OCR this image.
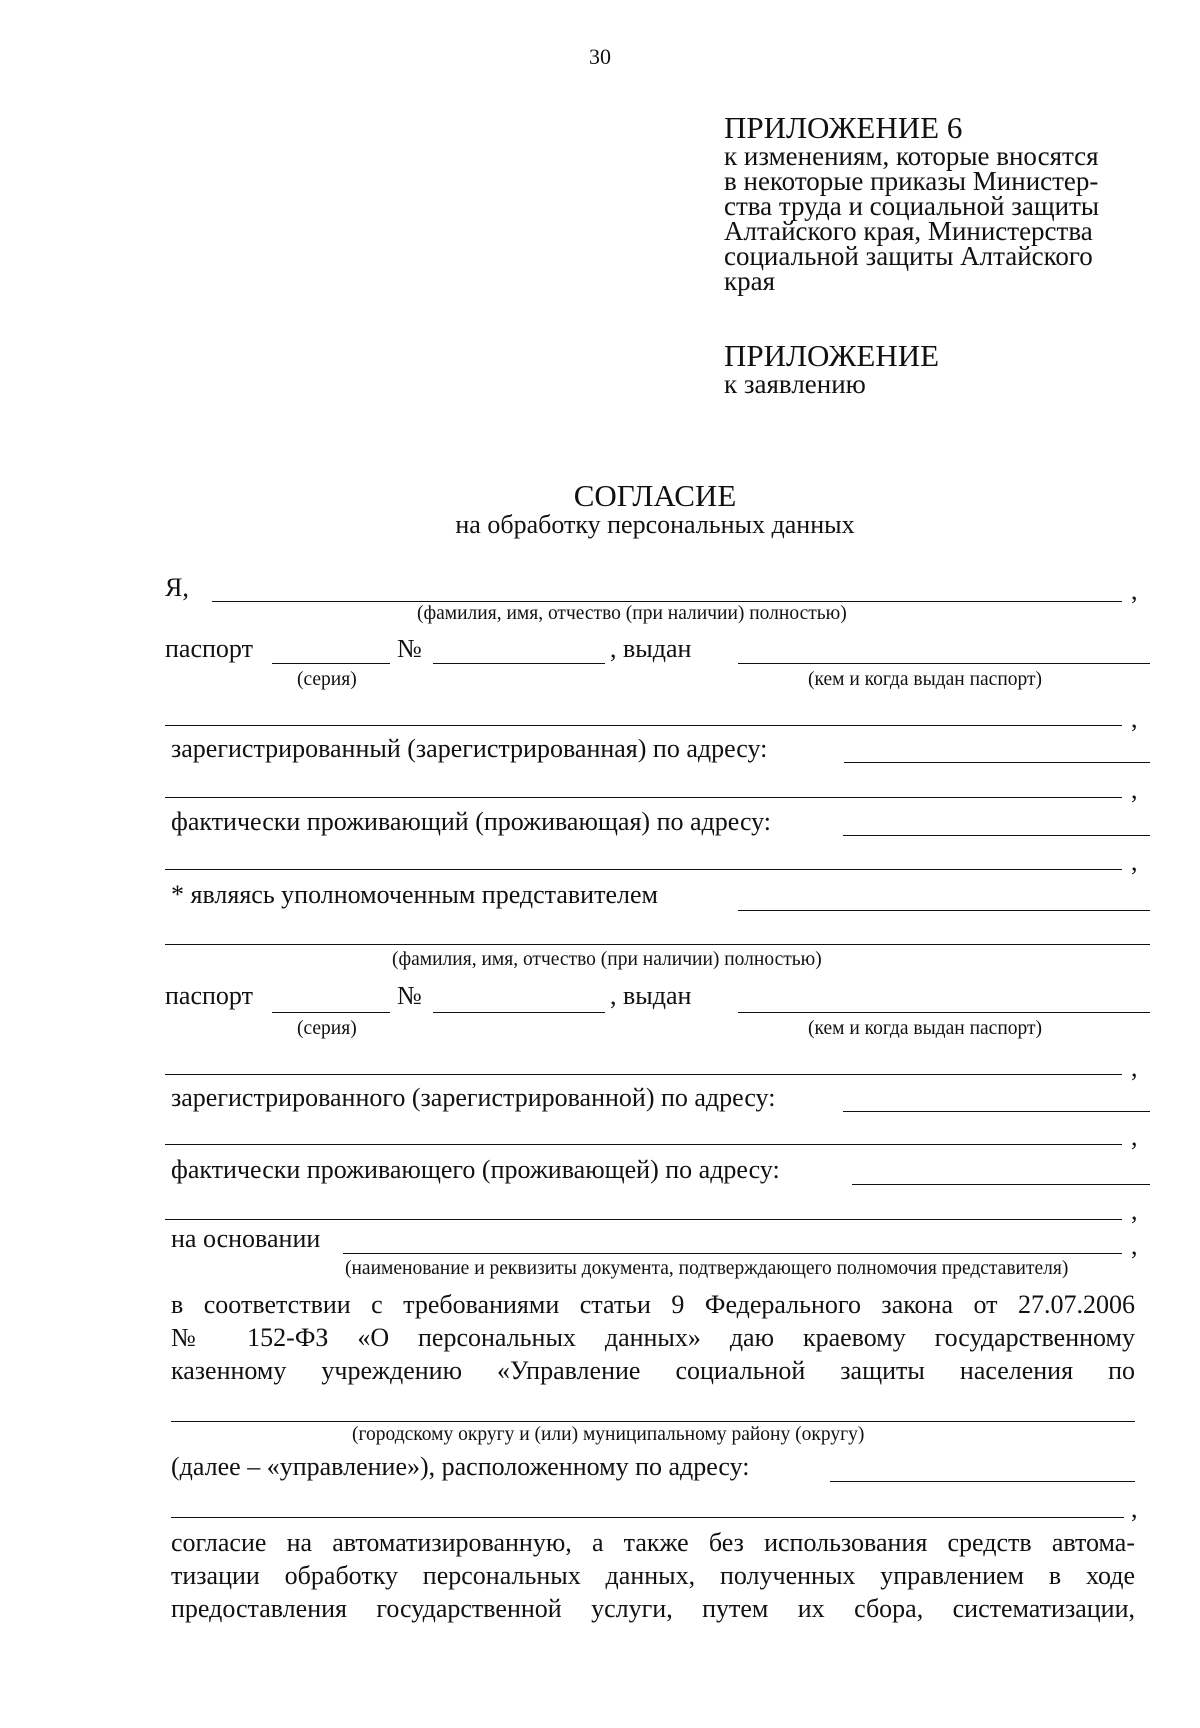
30
ПРИЛОЖЕНИЕ 6
к изменениям, которые вносятся
в некоторые приказы Министер-
ства труда и социальной защиты
Алтайского края, Министерства
социальной защиты Алтайского
края
ПРИЛОЖЕНИЕ
к заявлению
СОГЛАСИЕ
на обработку персональных данных
Я,	,
(фамилия, имя, отчество (при наличии) полностью)
паспорт	№	, выдан
(серия)	(кем и когда выдан паспорт)
,
зарегистрированный (зарегистрированная) по адресу:
,
фактически проживающий (проживающая) по адресу:
,
* являясь уполномоченным представителем
(фамилия, имя, отчество (при наличии) полностью)
паспорт	№	, выдан
(серия)	(кем и когда выдан паспорт)
,
зарегистрированного (зарегистрированной) по адресу:
,
фактически проживающего (проживающей) по адресу:
,
на основании	,
(наименование и реквизиты документа, подтверждающего полномочия представителя)
в соответствии с требованиями статьи 9 Федерального закона от 27.07.2006
№ 152-ФЗ «О персональных данных» даю краевому государственному
казенному учреждению «Управление социальной защиты населения по
(городскому округу и (или) муниципальному району (округу)
(далее – «управление»), расположенному по адресу:
,
согласие на автоматизированную, а также без использования средств автома-
тизации обработку персональных данных, полученных управлением в ходе
предоставления государственной услуги, путем их сбора, систематизации,
